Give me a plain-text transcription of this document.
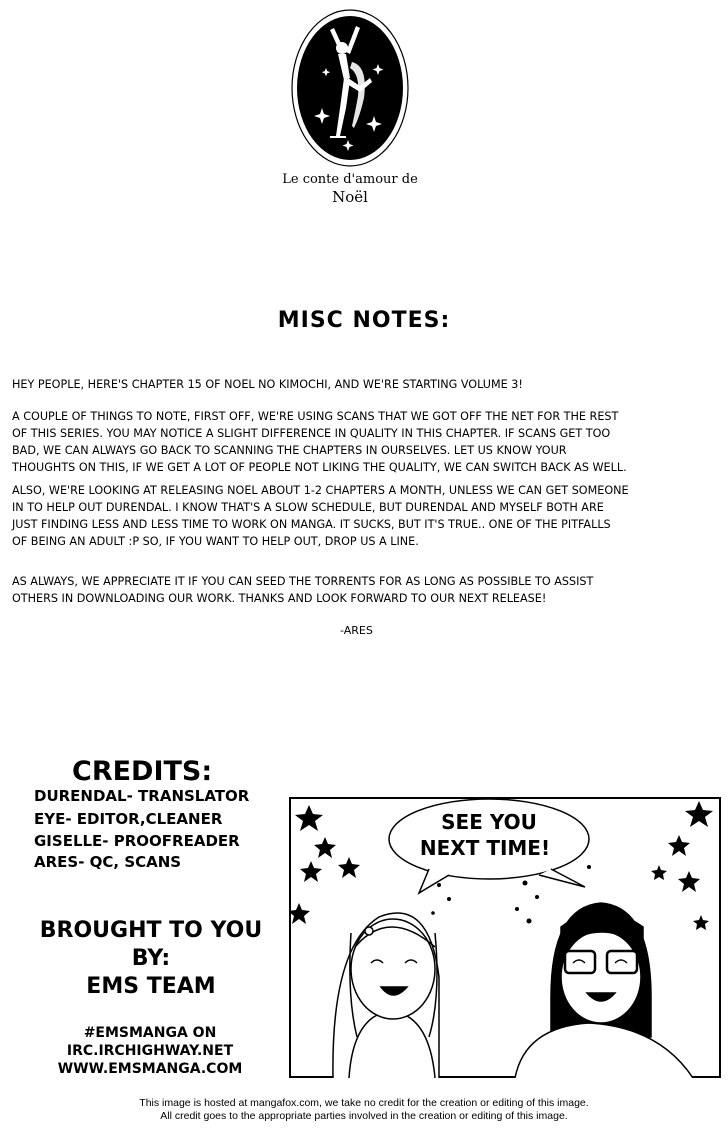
Le conte d'amour de
Noël
MISC NOTES:

HEY PEOPLE, HERE'S CHAPTER 15 OF NOEL NO KIMOCHI, AND WE'RE STARTING VOLUME 3!

A COUPLE OF THINGS TO NOTE, FIRST OFF, WE'RE USING SCANS THAT WE GOT OFF THE NET FOR THE REST

OF THIS SERIES. YOU MAY NOTICE A SLIGHT DIFFERENCE IN QUALITY IN THIS CHAPTER. IF SCANS GET TOO

BAD, WE CAN ALWAYS GO BACK TO SCANNING THE CHAPTERS IN OURSELVES. LET US KNOW YOUR

THOUGHTS ON THIS, IF WE GET A LOT OF PEOPLE NOT LIKING THE QUALITY, WE CAN SWITCH BACK AS WELL.

ALSO, WE'RE LOOKING AT RELEASING NOEL ABOUT 1-2 CHAPTERS A MONTH, UNLESS WE CAN GET SOMEONE

IN TO HELP OUT DURENDAL. I KNOW THAT'S A SLOW SCHEDULE, BUT DURENDAL AND MYSELF BOTH ARE

JUST FINDING LESS AND LESS TIME TO WORK ON MANGA. IT SUCKS, BUT IT'S TRUE.. ONE OF THE PITFALLS

OF BEING AN ADULT :P SO, IF YOU WANT TO HELP OUT, DROP US A LINE.

AS ALWAYS, WE APPRECIATE IT IF YOU CAN SEED THE TORRENTS FOR AS LONG AS POSSIBLE TO ASSIST

OTHERS IN DOWNLOADING OUR WORK. THANKS AND LOOK FORWARD TO OUR NEXT RELEASE!

-ARES
CREDITS:
DURENDAL- TRANSLATOR
EYE- EDITOR,CLEANER
GISELLE- PROOFREADER
ARES- QC, SCANS
BROUGHT TO YOU
BY:
EMS TEAM
#EMSMANGA ON
IRC.IRCHIGHWAY.NET
WWW.EMSMANGA.COM
SEE YOU
NEXT TIME!
This image is hosted at mangafox.com, we take no credit for the creation or editing of this image.
All credit goes to the appropriate parties involved in the creation or editing of this image.
